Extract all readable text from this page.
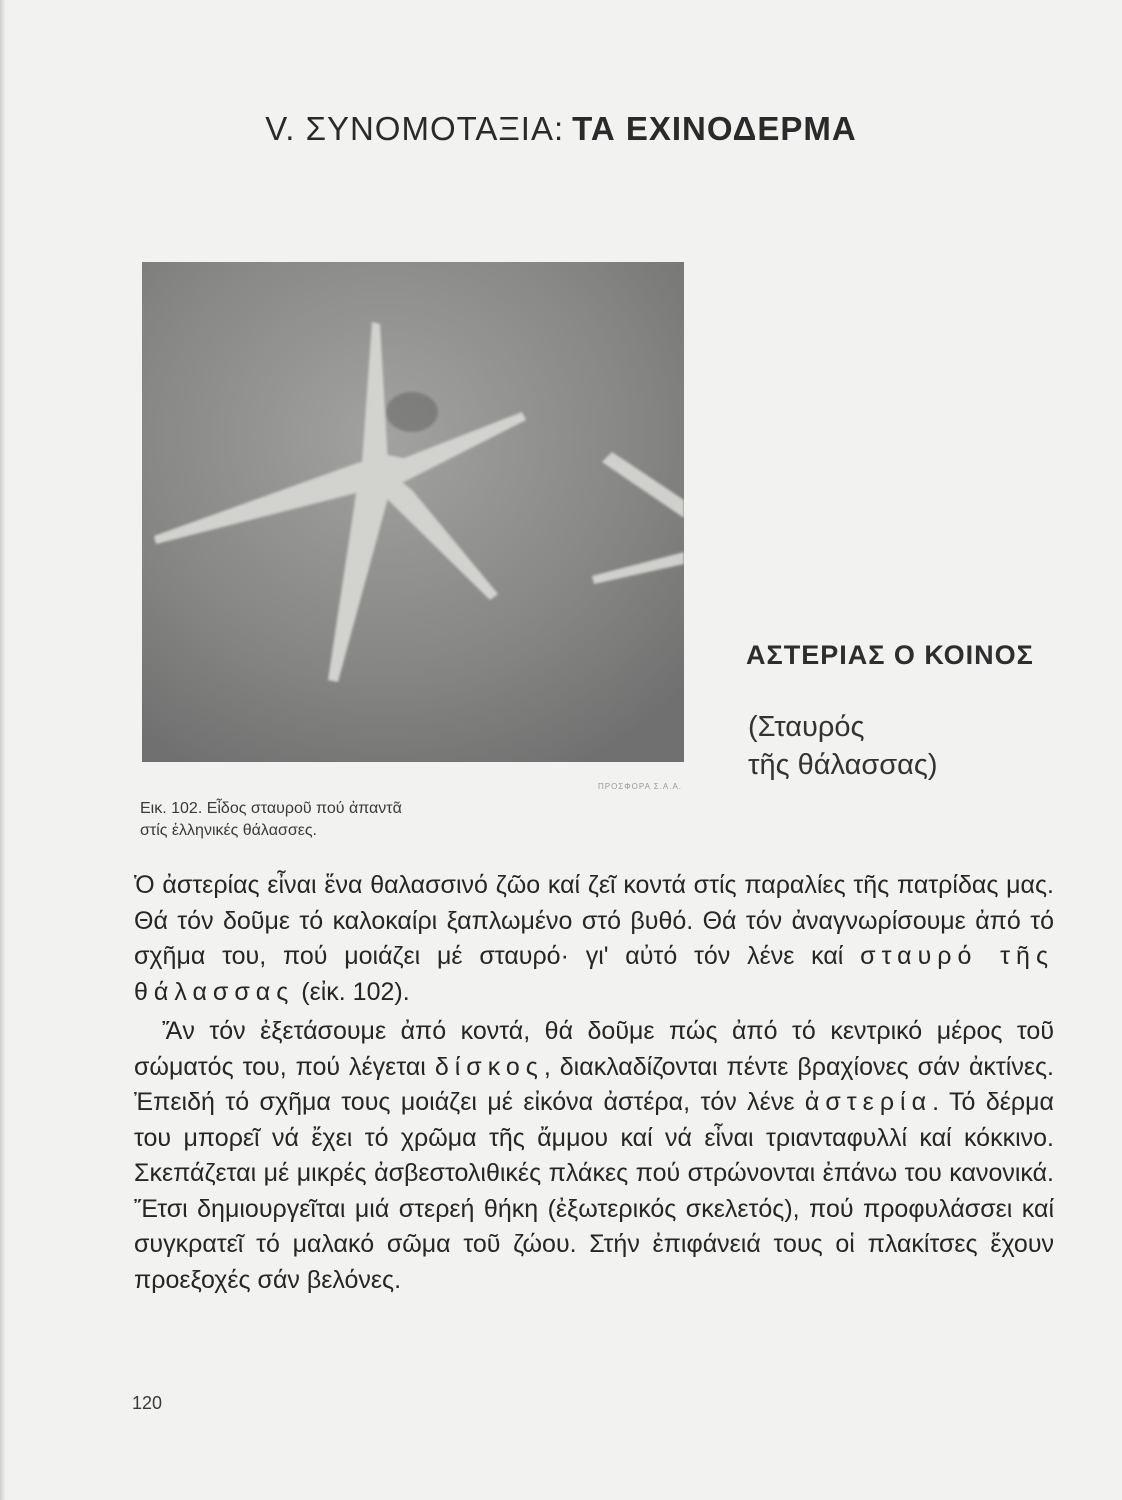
V. ΣΥΝΟΜΟΤΑΞΙΑ: ΤΑ ΕΧΙΝΟΔΕΡΜΑ
ΠΡΟΣΦΟΡΑ Σ.Α.Α.
Εικ. 102. Εἶδος σταυροῦ πού ἀπαντᾶ
στίς ἑλληνικές θάλασσες.
ΑΣΤΕΡΙΑΣ Ο ΚΟΙΝΟΣ
(Σταυρός
τῆς θάλασσας)

Ὁ ἀστερίας εἶναι ἕνα θαλασσινό ζῶο καί ζεῖ κοντά στίς παραλίες τῆς πατρίδας μας. Θά τόν δοῦμε τό καλοκαίρι ξαπλωμένο στό βυθό. Θά τόν ἀναγνωρίσουμε ἀπό τό σχῆμα του, πού μοιάζει μέ σταυρό· γι' αὐτό τόν λένε καί σταυρό τῆς θάλασσας (εἰκ. 102).

Ἄν τόν ἐξετάσουμε ἀπό κοντά, θά δοῦμε πώς ἀπό τό κεντρικό μέρος τοῦ σώματός του, πού λέγεται δίσκος, διακλαδίζονται πέντε βραχίονες σάν ἀκτίνες. Ἐπειδή τό σχῆμα τους μοιάζει μέ εἰκόνα ἀστέρα, τόν λένε ἀστερία. Τό δέρμα του μπορεῖ νά ἔχει τό χρῶμα τῆς ἄμμου καί νά εἶναι τριανταφυλλί καί κόκκινο. Σκεπάζεται μέ μικρές ἀσβεστολιθικές πλάκες πού στρώνονται ἐπάνω του κανονικά. Ἔτσι δημιουργεῖται μιά στερεή θήκη (ἐξωτερικός σκελετός), πού προφυλάσσει καί συγκρατεῖ τό μαλακό σῶμα τοῦ ζώου. Στήν ἐπιφάνειά τους οἱ πλακίτσες ἔχουν προεξοχές σάν βελόνες.

120
